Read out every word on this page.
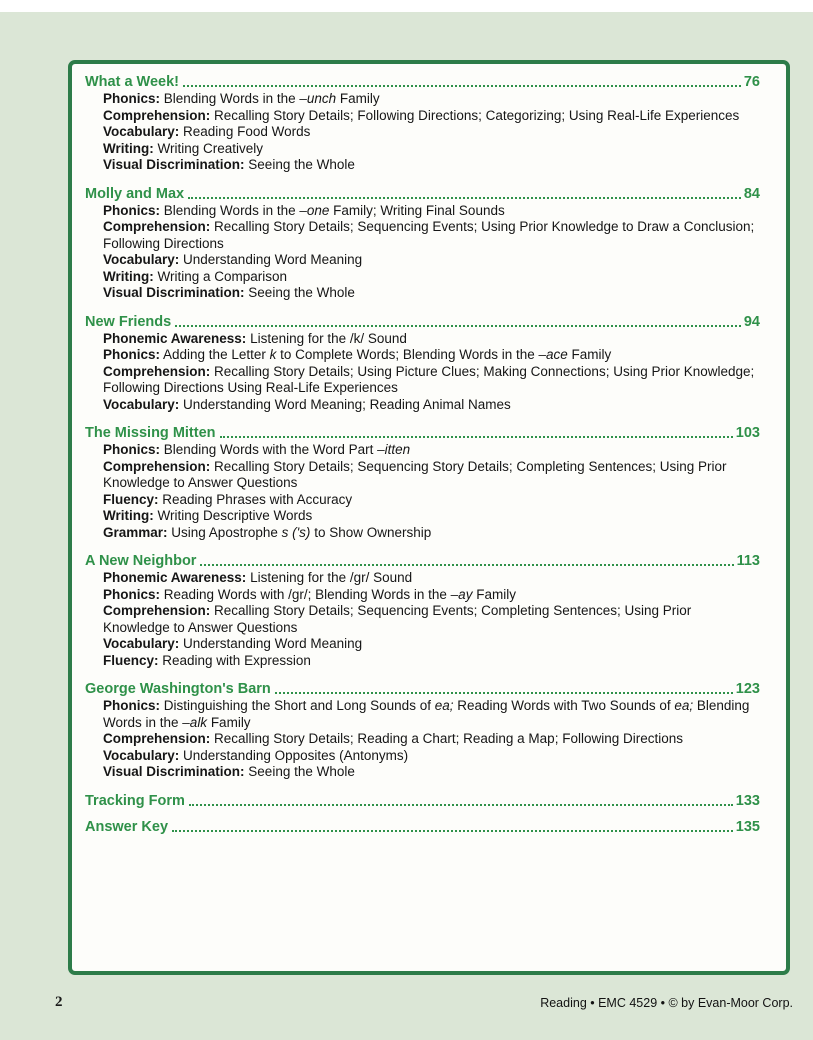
What a Week!	76
Phonics: Blending Words in the –unch Family
Comprehension: Recalling Story Details; Following Directions; Categorizing; Using Real-Life Experiences
Vocabulary: Reading Food Words
Writing: Writing Creatively
Visual Discrimination: Seeing the Whole
Molly and Max	84
Phonics: Blending Words in the –one Family; Writing Final Sounds
Comprehension: Recalling Story Details; Sequencing Events; Using Prior Knowledge to Draw a Conclusion; Following Directions
Vocabulary: Understanding Word Meaning
Writing: Writing a Comparison
Visual Discrimination: Seeing the Whole
New Friends	94
Phonemic Awareness: Listening for the /k/ Sound
Phonics: Adding the Letter k to Complete Words; Blending Words in the –ace Family
Comprehension: Recalling Story Details; Using Picture Clues; Making Connections; Using Prior Knowledge; Following Directions Using Real-Life Experiences
Vocabulary: Understanding Word Meaning; Reading Animal Names
The Missing Mitten	103
Phonics: Blending Words with the Word Part –itten
Comprehension: Recalling Story Details; Sequencing Story Details; Completing Sentences; Using Prior Knowledge to Answer Questions
Fluency: Reading Phrases with Accuracy
Writing: Writing Descriptive Words
Grammar: Using Apostrophe s ('s) to Show Ownership
A New Neighbor	113
Phonemic Awareness: Listening for the /gr/ Sound
Phonics: Reading Words with /gr/; Blending Words in the –ay Family
Comprehension: Recalling Story Details; Sequencing Events; Completing Sentences; Using Prior Knowledge to Answer Questions
Vocabulary: Understanding Word Meaning
Fluency: Reading with Expression
George Washington's Barn	123
Phonics: Distinguishing the Short and Long Sounds of ea; Reading Words with Two Sounds of ea; Blending Words in the –alk Family
Comprehension: Recalling Story Details; Reading a Chart; Reading a Map; Following Directions
Vocabulary: Understanding Opposites (Antonyms)
Visual Discrimination: Seeing the Whole
Tracking Form	133
Answer Key	135
2	Reading • EMC 4529 • © by Evan-Moor Corp.
